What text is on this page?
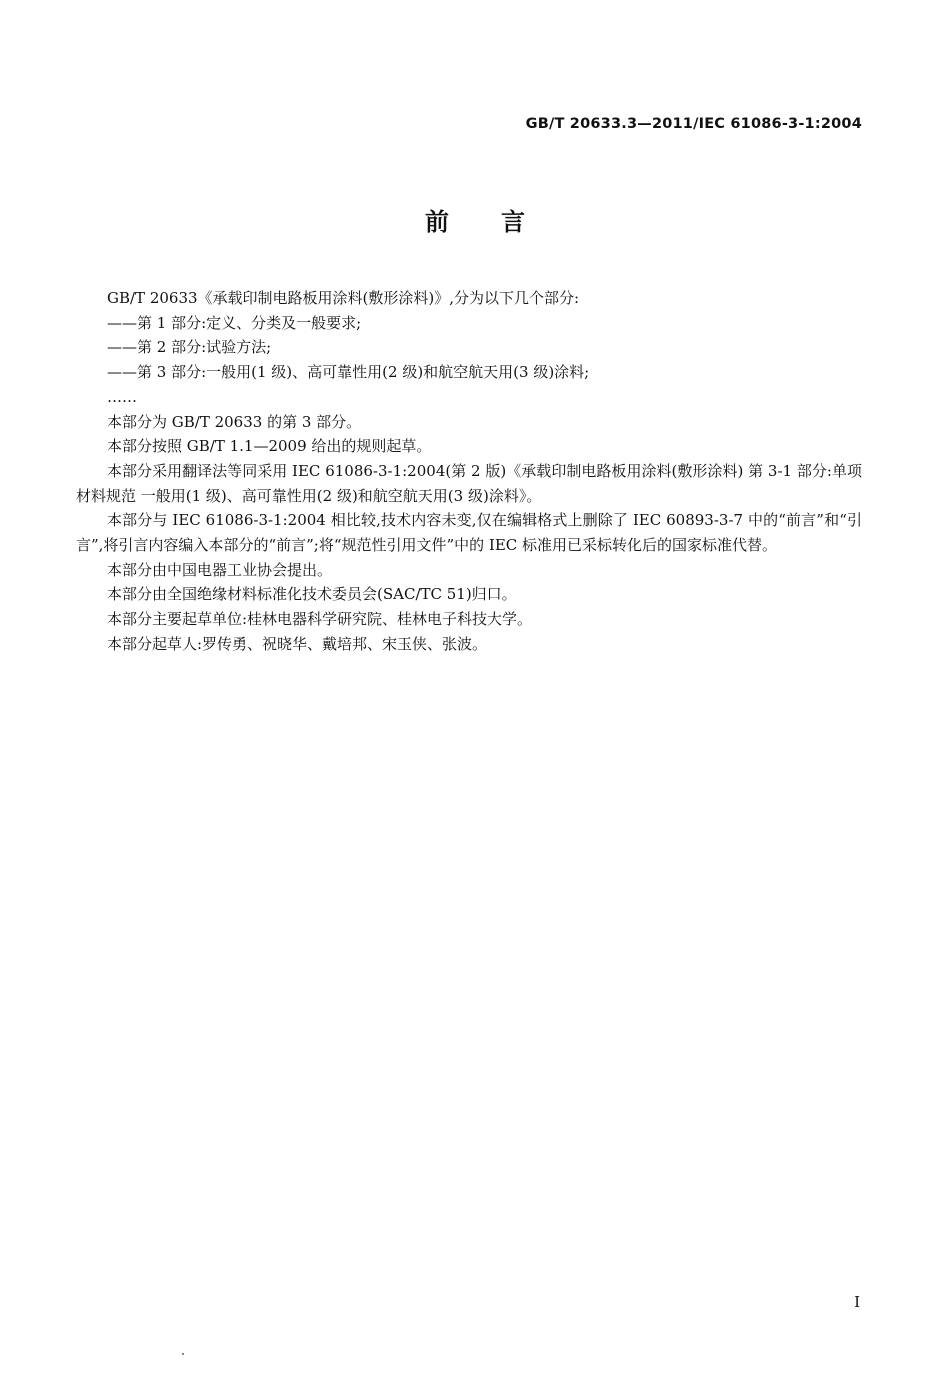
GB/T 20633.3—2011/IEC 61086-3-1:2004
前言

GB/T 20633《承载印制电路板用涂料(敷形涂料)》,分为以下几个部分:

——第 1 部分:定义、分类及一般要求;

——第 2 部分:试验方法;

——第 3 部分:一般用(1 级)、高可靠性用(2 级)和航空航天用(3 级)涂料;

……

本部分为 GB/T 20633 的第 3 部分。

本部分按照 GB/T 1.1—2009 给出的规则起草。

本部分采用翻译法等同采用 IEC 61086-3-1:2004(第 2 版)《承载印制电路板用涂料(敷形涂料) 第 3-1 部分:单项材料规范 一般用(1 级)、高可靠性用(2 级)和航空航天用(3 级)涂料》。

本部分与 IEC 61086-3-1:2004 相比较,技术内容未变,仅在编辑格式上删除了 IEC 60893-3-7 中的“前言”和“引言”,将引言内容编入本部分的“前言”;将“规范性引用文件”中的 IEC 标准用已采标转化后的国家标准代替。

本部分由中国电器工业协会提出。

本部分由全国绝缘材料标准化技术委员会(SAC/TC 51)归口。

本部分主要起草单位:桂林电器科学研究院、桂林电子科技大学。

本部分起草人:罗传勇、祝晓华、戴培邦、宋玉侠、张波。

I
